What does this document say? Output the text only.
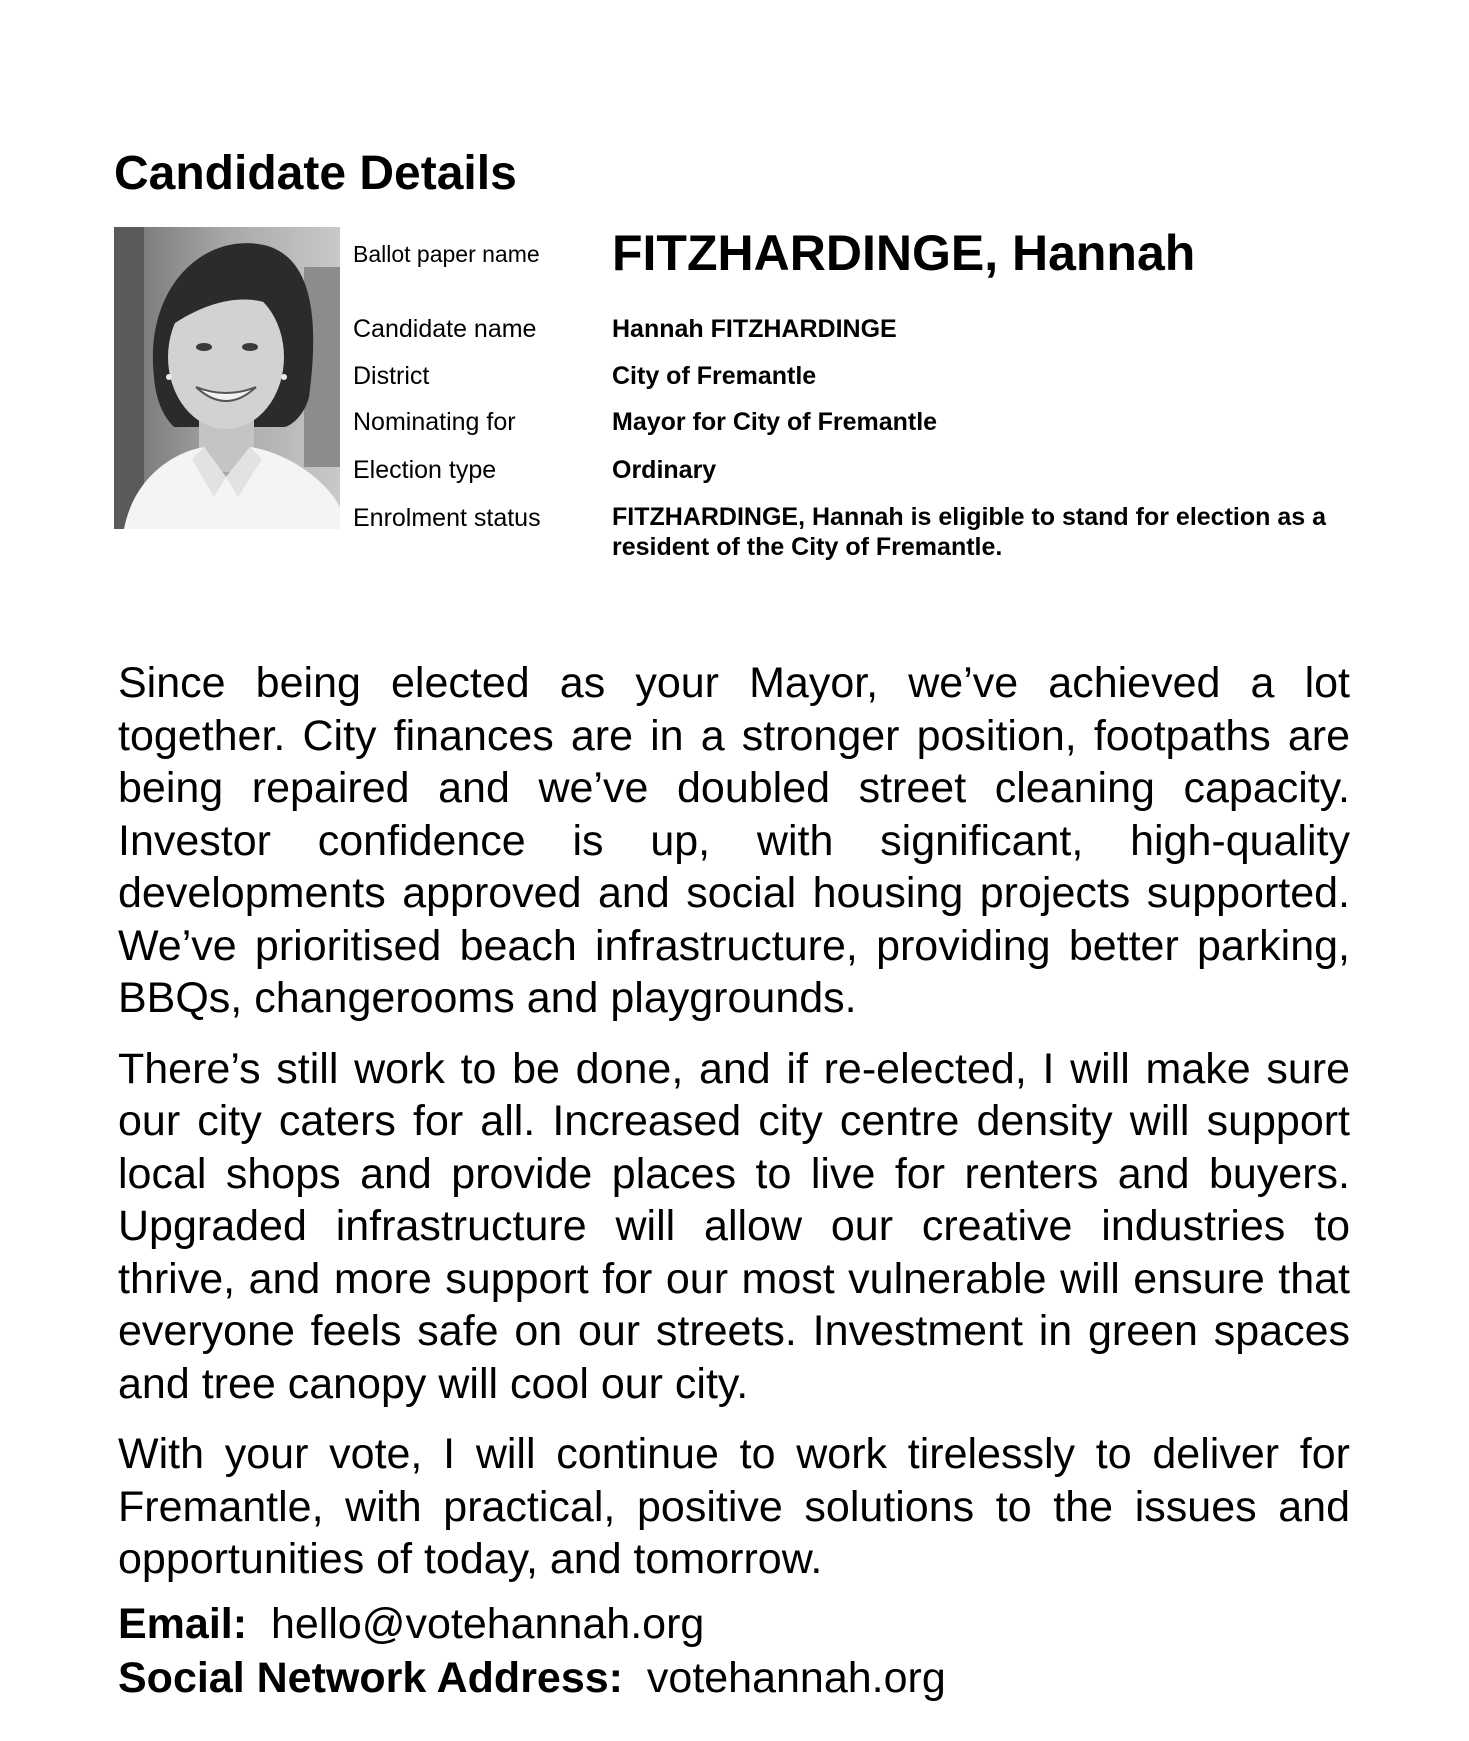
Candidate Details
Ballot paper name FITZHARDINGE, Hannah
Candidate name	Hannah FITZHARDINGE
District	City of Fremantle
Nominating for	Mayor for City of Fremantle
Election type	Ordinary
Enrolment status	FITZHARDINGE, Hannah is eligible to stand for election as a resident of the City of Fremantle.

Since being elected as your Mayor, we’ve achieved a lot together. City finances are in a stronger position, footpaths are being repaired and we’ve doubled street cleaning capacity. Investor confidence is up, with significant, high-quality developments approved and social housing projects supported. We’ve prioritised beach infrastructure, providing better parking, BBQs, changerooms and playgrounds.

There’s still work to be done, and if re-elected, I will make sure our city caters for all. Increased city centre density will support local shops and provide places to live for renters and buyers. Upgraded infrastructure will allow our creative industries to thrive, and more support for our most vulnerable will ensure that everyone feels safe on our streets. Investment in green spaces and tree canopy will cool our city.

With your vote, I will continue to work tirelessly to deliver for Fremantle, with practical, positive solutions to the issues and opportunities of today, and tomorrow.

Email: hello@votehannah.org
Social Network Address: votehannah.org
